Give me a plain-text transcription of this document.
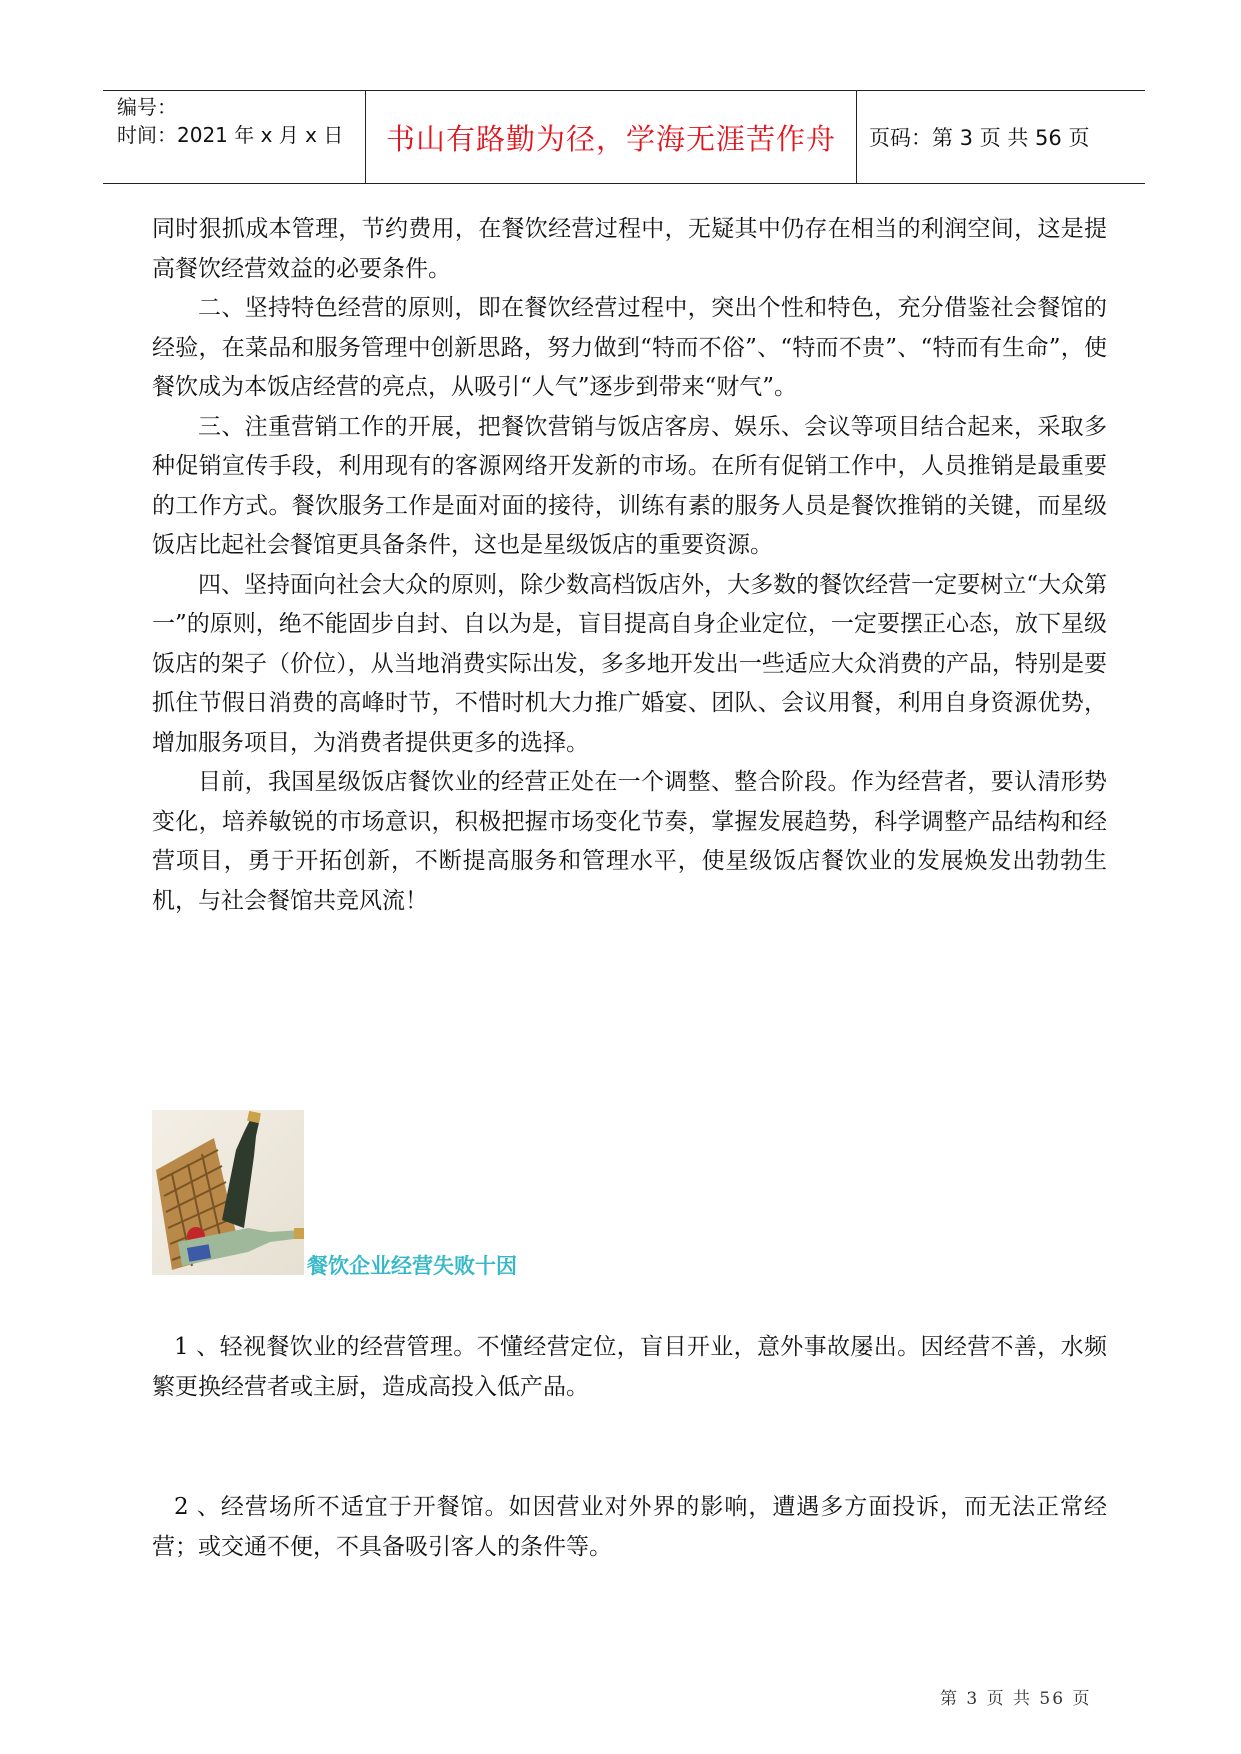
编号：
时间：2021 年 x 月 x 日	书山有路勤为径，学海无涯苦作舟	页码：第 3 页 共 56 页

同时狠抓成本管理，节约费用，在餐饮经营过程中，无疑其中仍存在相当的利润空间，这是提高餐饮经营效益的必要条件。

二、坚持特色经营的原则，即在餐饮经营过程中，突出个性和特色，充分借鉴社会餐馆的经验，在菜品和服务管理中创新思路，努力做到“特而不俗”、“特而不贵”、“特而有生命”，使餐饮成为本饭店经营的亮点，从吸引“人气”逐步到带来“财气”。

三、注重营销工作的开展，把餐饮营销与饭店客房、娱乐、会议等项目结合起来，采取多种促销宣传手段，利用现有的客源网络开发新的市场。在所有促销工作中，人员推销是最重要的工作方式。餐饮服务工作是面对面的接待，训练有素的服务人员是餐饮推销的关键，而星级饭店比起社会餐馆更具备条件，这也是星级饭店的重要资源。

四、坚持面向社会大众的原则，除少数高档饭店外，大多数的餐饮经营一定要树立“大众第一”的原则，绝不能固步自封、自以为是，盲目提高自身企业定位，一定要摆正心态，放下星级饭店的架子（价位），从当地消费实际出发，多多地开发出一些适应大众消费的产品，特别是要抓住节假日消费的高峰时节，不惜时机大力推广婚宴、团队、会议用餐，利用自身资源优势，增加服务项目，为消费者提供更多的选择。

目前，我国星级饭店餐饮业的经营正处在一个调整、整合阶段。作为经营者，要认清形势变化，培养敏锐的市场意识，积极把握市场变化节奏，掌握发展趋势，科学调整产品结构和经营项目，勇于开拓创新，不断提高服务和管理水平，使星级饭店餐饮业的发展焕发出勃勃生机，与社会餐馆共竞风流！

餐饮企业经营失败十因

1 、轻视餐饮业的经营管理。不懂经营定位，盲目开业，意外事故屡出。因经营不善，水频繁更换经营者或主厨，造成高投入低产品。

2 、经营场所不适宜于开餐馆。如因营业对外界的影响，遭遇多方面投诉，而无法正常经营；或交通不便，不具备吸引客人的条件等。

第 3 页 共 56 页
